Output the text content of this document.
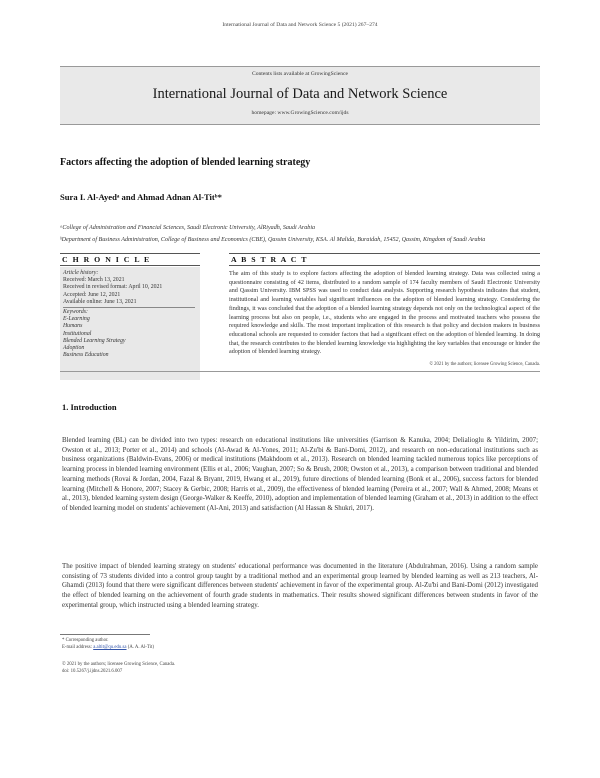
International Journal of Data and Network Science 5 (2021) 267–274
Contents lists available at GrowingScience
International Journal of Data and Network Science
homepage: www.GrowingScience.com/ijds
Factors affecting the adoption of blended learning strategy
Sura I. Al-Ayedᵃ and Ahmad Adnan Al-Titᵇ*
ᵃCollege of Administration and Financial Sciences, Saudi Electronic University, AlRiyadh, Saudi Arabia
ᵇDepartment of Business Administration, College of Business and Economics (CBE), Qassim University, KSA. Al Malida, Buraidah, 15452, Qassim, Kingdom of Saudi Arabia
C H R O N I C L E	A B S T R A C T
Article history:
Received: March 13, 2021
Received in revised format: April 10, 2021
Accepted: June 12, 2021
Available online: June 13, 2021
Keywords:
E-Learning
Humans
Institutional
Blended Learning Strategy
Adoption
Business Education
The aim of this study is to explore factors affecting the adoption of blended learning strategy. Data was collected using a questionnaire consisting of 42 items, distributed to a random sample of 174 faculty members of Saudi Electronic University and Qassim University. IBM SPSS was used to conduct data analysis. Supporting research hypothesis indicates that student, institutional and learning variables had significant influences on the adoption of blended learning strategy. Considering the findings, it was concluded that the adoption of a blended learning strategy depends not only on the technological aspect of the learning process but also on people, i.e., students who are engaged in the process and motivated teachers who possess the required knowledge and skills. The most important implication of this research is that policy and decision makers in business educational schools are requested to consider factors that had a significant effect on the adoption of blended learning. In doing that, the research contributes to the blended learning knowledge via highlighting the key variables that encourage or hinder the adoption of blended learning strategy.
© 2021 by the authors; licensee Growing Science, Canada.
1. Introduction
Blended learning (BL) can be divided into two types: research on educational institutions like universities (Garrison & Kanuka, 2004; Delialioglu & Yildirim, 2007; Owston et al., 2013; Porter et al., 2014) and schools (Al-Awad & Al-Yones, 2011; Al-Zu'bi & Bani-Domi, 2012), and research on non-educational institutions such as business organizations (Baldwin-Evans, 2006) or medical institutions (Makhdoom et al., 2013). Research on blended learning tackled numerous topics like perceptions of learning process in blended learning environment (Ellis et al., 2006; Vaughan, 2007; So & Brush, 2008; Owston et al., 2013), a comparison between traditional and blended learning methods (Rovai & Jordan, 2004, Fazal & Bryant, 2019, Hwang et al., 2019), future directions of blended learning (Bonk et al., 2006), success factors for blended learning (Mitchell & Honore, 2007; Stacey & Gerbic, 2008; Harris et al., 2009), the effectiveness of blended learning (Pereira et al., 2007; Wall & Ahmed, 2008; Means et al., 2013), blended learning system design (George-Walker & Keeffe, 2010), adoption and implementation of blended learning (Graham et al., 2013) in addition to the effect of blended learning model on students' achievement (Al-Ani, 2013) and satisfaction (Al Hassan & Shukri, 2017).
The positive impact of blended learning strategy on students' educational performance was documented in the literature (Abdulrahman, 2016). Using a random sample consisting of 73 students divided into a control group taught by a traditional method and an experimental group learned by blended learning as well as 213 teachers, Al-Ghamdi (2013) found that there were significant differences between students' achievement in favor of the experimental group. Al-Zu'bi and Bani-Domi (2012) investigated the effect of blended learning on the achievement of fourth grade students in mathematics. Their results showed significant differences between students in favor of the experimental group, which instructed using a blended learning strategy.
* Corresponding author.
E-mail address: a.altit@qu.edu.sa (A. A. Al-Tit)
© 2021 by the authors; licensee Growing Science, Canada.
doi: 10.5267/j.ijdns.2021.6.007
